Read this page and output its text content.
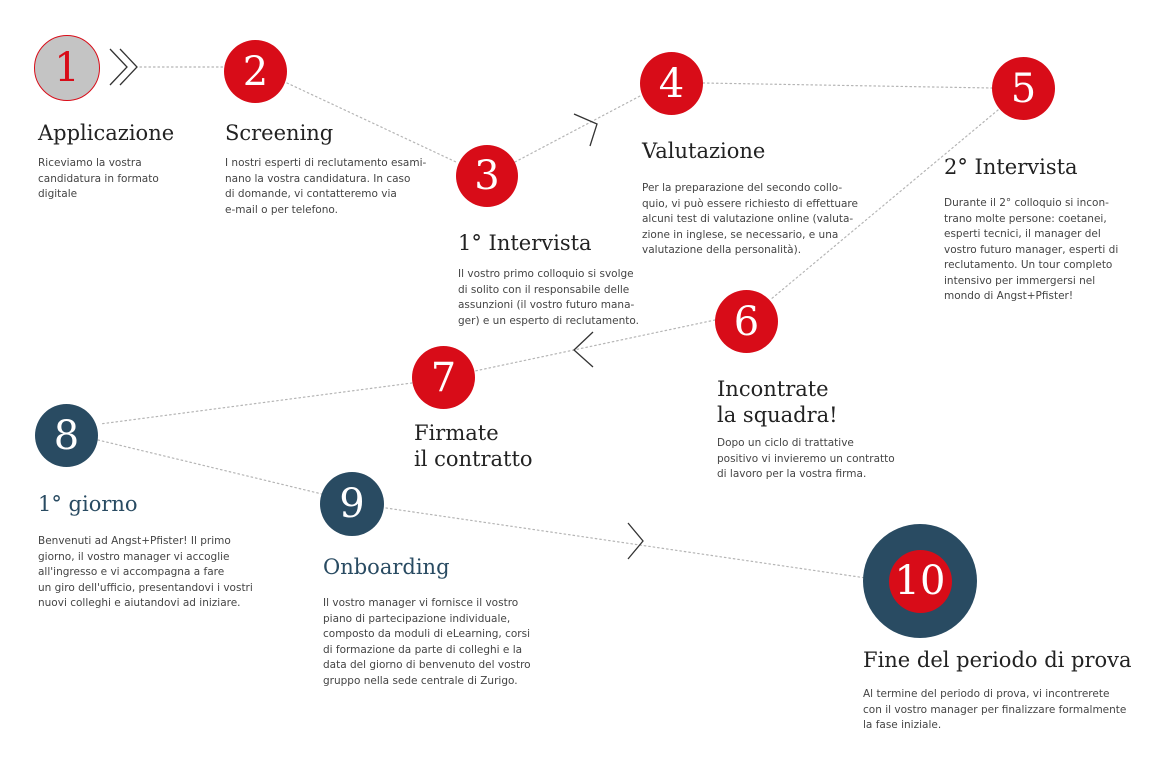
1	2
3
4	5
6
7
8
9
10
Applicazione Screening
1° Intervista
Valutazione
2° Intervista
Incontrate
la squadra!
Firmate
il contratto
1° giorno
Onboarding
Fine del periodo di prova
Riceviamo la vostra
candidatura in formato
digitale
I nostri esperti di reclutamento esami-
nano la vostra candidatura. In caso
di domande, vi contatteremo via
e-mail o per telefono.
Il vostro primo colloquio si svolge
di solito con il responsabile delle
assunzioni (il vostro futuro mana-
ger) e un esperto di reclutamento.
Per la preparazione del secondo collo-
quio, vi può essere richiesto di effettuare
alcuni test di valutazione online (valuta-
zione in inglese, se necessario, e una
valutazione della personalità).
Durante il 2° colloquio si incon-
trano molte persone: coetanei,
esperti tecnici, il manager del
vostro futuro manager, esperti di
reclutamento. Un tour completo
intensivo per immergersi nel
mondo di Angst+Pfister!
Dopo un ciclo di trattative
positivo vi invieremo un contratto
di lavoro per la vostra firma.
Benvenuti ad Angst+Pfister! Il primo
giorno, il vostro manager vi accoglie
all'ingresso e vi accompagna a fare
un giro dell'ufficio, presentandovi i vostri
nuovi colleghi e aiutandovi ad iniziare.	Il vostro manager vi fornisce il vostro
piano di partecipazione individuale,
composto da moduli di eLearning, corsi
di formazione da parte di colleghi e la
data del giorno di benvenuto del vostro
gruppo nella sede centrale di Zurigo.
Al termine del periodo di prova, vi incontrerete
con il vostro manager per finalizzare formalmente
la fase iniziale.
